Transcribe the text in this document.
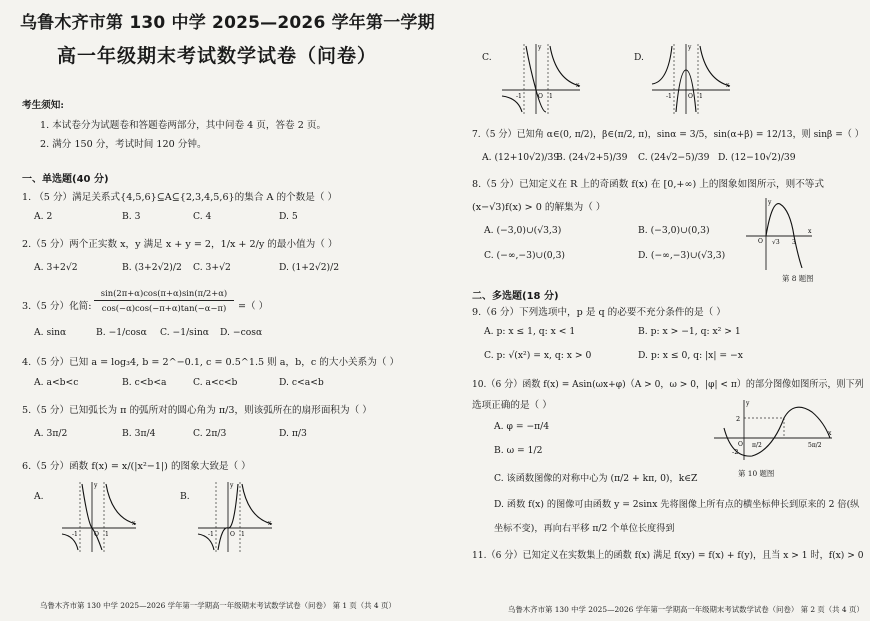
乌鲁木齐市第 130 中学 2025—2026 学年第一学期
高一年级期末考试数学试卷（问卷）
考生须知:
1. 本试卷分为试题卷和答题卷两部分，其中问卷 4 页，答卷 2 页。
2. 满分 150 分，考试时间 120 分钟。
一、单选题(40 分)
1. （5 分）满足关系式{4,5,6}⊆A⊆{2,3,4,5,6}的集合 A 的个数是（ ）
A. 2	B. 3	C. 4	D. 5
2.（5 分）两个正实数 x，y 满足 x + y = 2，1/x + 2/y 的最小值为（ ）
A. 3+2√2	B. (3+2√2)/2 C. 3+√2	D. (1+2√2)/2
3.（5 分）化简: $\frac{\sin(2\pi+\alpha)\cos(\pi+\alpha)\sin(\pi/2+\alpha)}{\cos(-\alpha)\cos(-\pi+\alpha)\tan(-\alpha-\pi)}$ =（ ）
A. sinα	B. −1/cosα C. −1/sinα D. −cosα
4.（5 分）已知 a = log₃4, b = 2^−0.1, c = 0.5^1.5 则 a，b，c 的大小关系为（ ）
A. a<b<c	B. c<b<a	C. a<c<b	D. c<a<b
5.（5 分）已知弧长为 π 的弧所对的圆心角为 π/3，则该弧所在的扇形面积为（ ）
A. 3π/2	B. 3π/4	C. 2π/3	D. π/3
6.（5 分）函数 f(x) = x/(|x²−1|) 的图象大致是（ ）
A.	B.
-1	O 1
x
y
-1	O 1
x
y
乌鲁木齐市第 130 中学 2025—2026 学年第一学期高一年级期末考试数学试卷（问卷） 第 1 页（共 4 页）
C.	D.
-1	O 1
x
y
-1	O 1
x
y
7.（5 分）已知角 α∈(0, π/2)，β∈(π/2, π)，sinα = 3/5，sin(α+β) = 12/13，则 sinβ =（ ）
A. (12+10√2)/39
B. (24√2+5)/39 C. (24√2−5)/39 D. (12−10√2)/39
8.（5 分）已知定义在 R 上的奇函数 f(x) 在 [0,+∞) 上的图象如图所示，则不等式
(x−√3)f(x) > 0 的解集为（ ）
A. (−3,0)∪(√3,3)	B. (−3,0)∪(0,3)
C. (−∞,−3)∪(0,3)	D. (−∞,−3)∪(√3,3)
O √3 3
x
y
第 8 题图
二、多选题(18 分)
9.（6 分）下列选项中，p 是 q 的必要不充分条件的是（ ）
A. p: x ≤ 1, q: x < 1	B. p: x > −1, q: x² > 1
C. p: √(x²) = x, q: x > 0	D. p: x ≤ 0, q: |x| = −x
10.（6 分）函数 f(x) = Asin(ωx+φ)（A > 0，ω > 0，|φ| < π）的部分图像如图所示，则下列
选项正确的是（ ）
A. φ = −π/4
B. ω = 1/2
C. 该函数图像的对称中心为 (π/2 + kπ, 0)，k∈Z
D. 函数 f(x) 的图像可由函数 y = 2sinx 先将图像上所有点的横坐标伸长到原来的 2 倍(纵
坐标不变)，再向右平移 π/2 个单位长度得到
2
-2
O π/2	5π/2
x
y
第 10 题图
11.（6 分）已知定义在实数集上的函数 f(x) 满足 f(xy) = f(x) + f(y)，且当 x > 1 时，f(x) > 0
乌鲁木齐市第 130 中学 2025—2026 学年第一学期高一年级期末考试数学试卷（问卷） 第 2 页（共 4 页）
